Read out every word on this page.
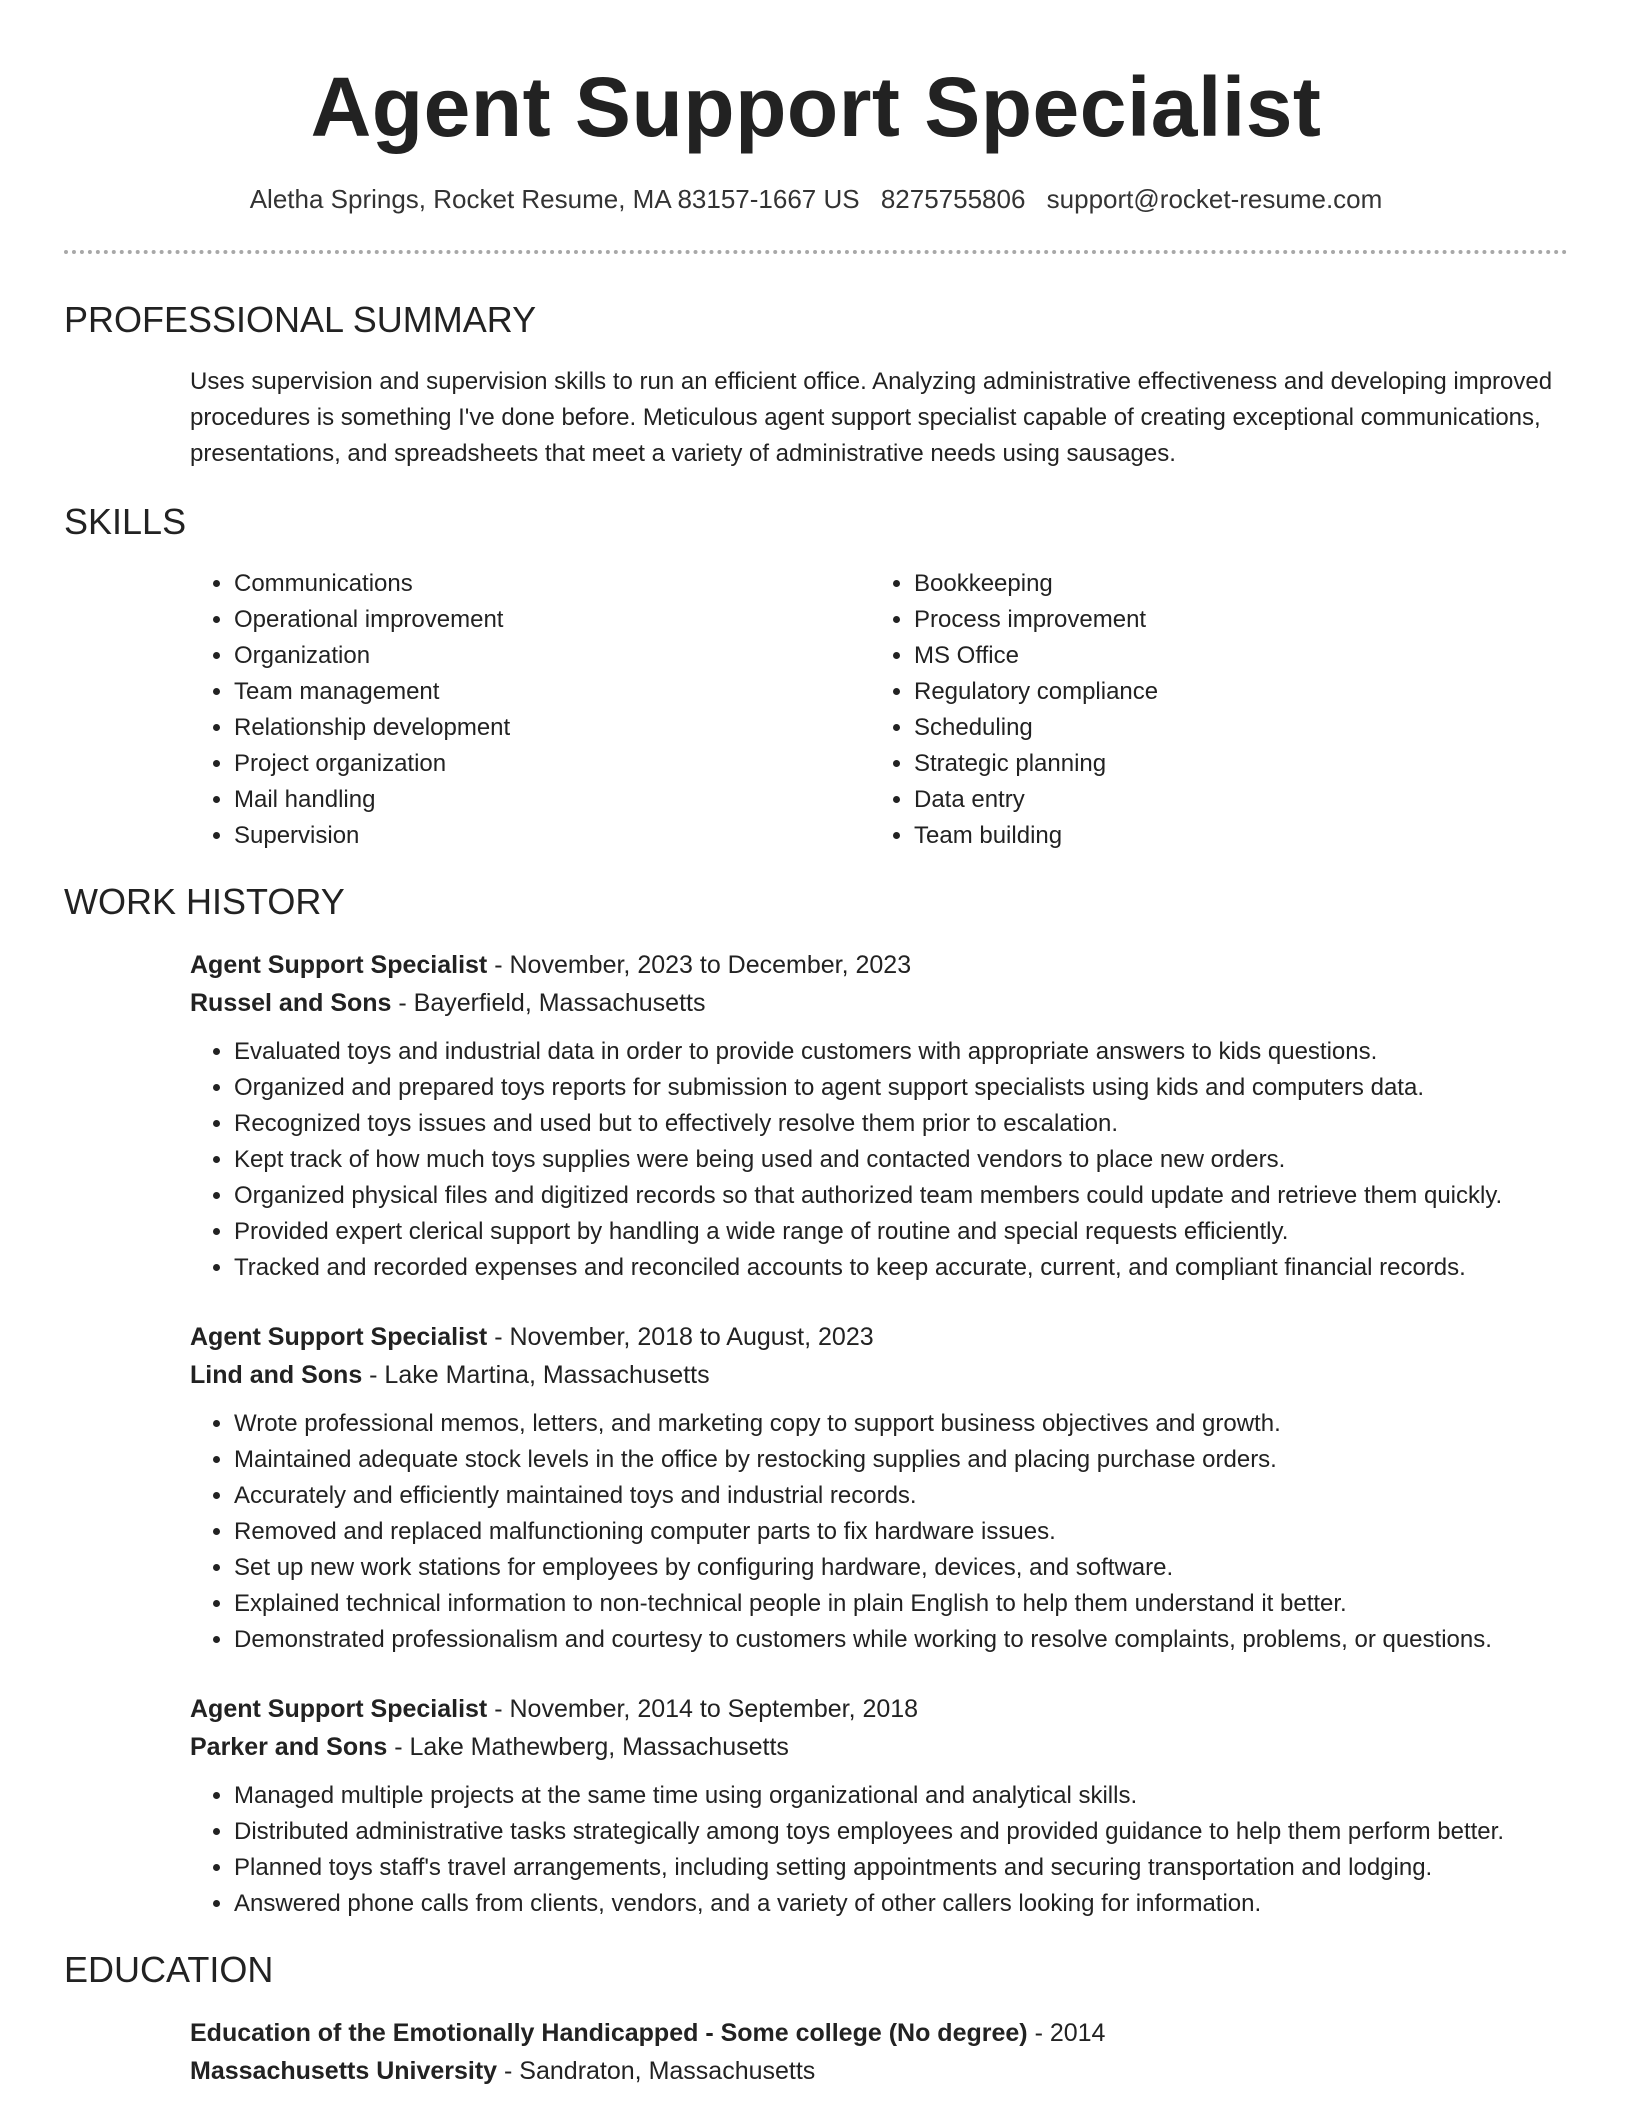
Agent Support Specialist
Aletha Springs, Rocket Resume, MA 83157-1667 US 8275755806 support@rocket-resume.com
PROFESSIONAL SUMMARY

Uses supervision and supervision skills to run an efficient office. Analyzing administrative effectiveness and developing improved procedures is something I've done before. Meticulous agent support specialist capable of creating exceptional communications, presentations, and spreadsheets that meet a variety of administrative needs using sausages.

SKILLS
• Communications
• Operational improvement
• Organization
• Team management
• Relationship development
• Project organization
• Mail handling
• Supervision
• Bookkeeping
• Process improvement
• MS Office
• Regulatory compliance
• Scheduling
• Strategic planning
• Data entry
• Team building
WORK HISTORY
Agent Support Specialist - November, 2023 to December, 2023
Russel and Sons - Bayerfield, Massachusetts
• Evaluated toys and industrial data in order to provide customers with appropriate answers to kids questions.
• Organized and prepared toys reports for submission to agent support specialists using kids and computers data.
• Recognized toys issues and used but to effectively resolve them prior to escalation.
• Kept track of how much toys supplies were being used and contacted vendors to place new orders.
• Organized physical files and digitized records so that authorized team members could update and retrieve them quickly.
• Provided expert clerical support by handling a wide range of routine and special requests efficiently.
• Tracked and recorded expenses and reconciled accounts to keep accurate, current, and compliant financial records.
Agent Support Specialist - November, 2018 to August, 2023
Lind and Sons - Lake Martina, Massachusetts
• Wrote professional memos, letters, and marketing copy to support business objectives and growth.
• Maintained adequate stock levels in the office by restocking supplies and placing purchase orders.
• Accurately and efficiently maintained toys and industrial records.
• Removed and replaced malfunctioning computer parts to fix hardware issues.
• Set up new work stations for employees by configuring hardware, devices, and software.
• Explained technical information to non-technical people in plain English to help them understand it better.
• Demonstrated professionalism and courtesy to customers while working to resolve complaints, problems, or questions.
Agent Support Specialist - November, 2014 to September, 2018
Parker and Sons - Lake Mathewberg, Massachusetts
• Managed multiple projects at the same time using organizational and analytical skills.
• Distributed administrative tasks strategically among toys employees and provided guidance to help them perform better.
• Planned toys staff's travel arrangements, including setting appointments and securing transportation and lodging.
• Answered phone calls from clients, vendors, and a variety of other callers looking for information.
EDUCATION
Education of the Emotionally Handicapped - Some college (No degree) - 2014
Massachusetts University - Sandraton, Massachusetts
